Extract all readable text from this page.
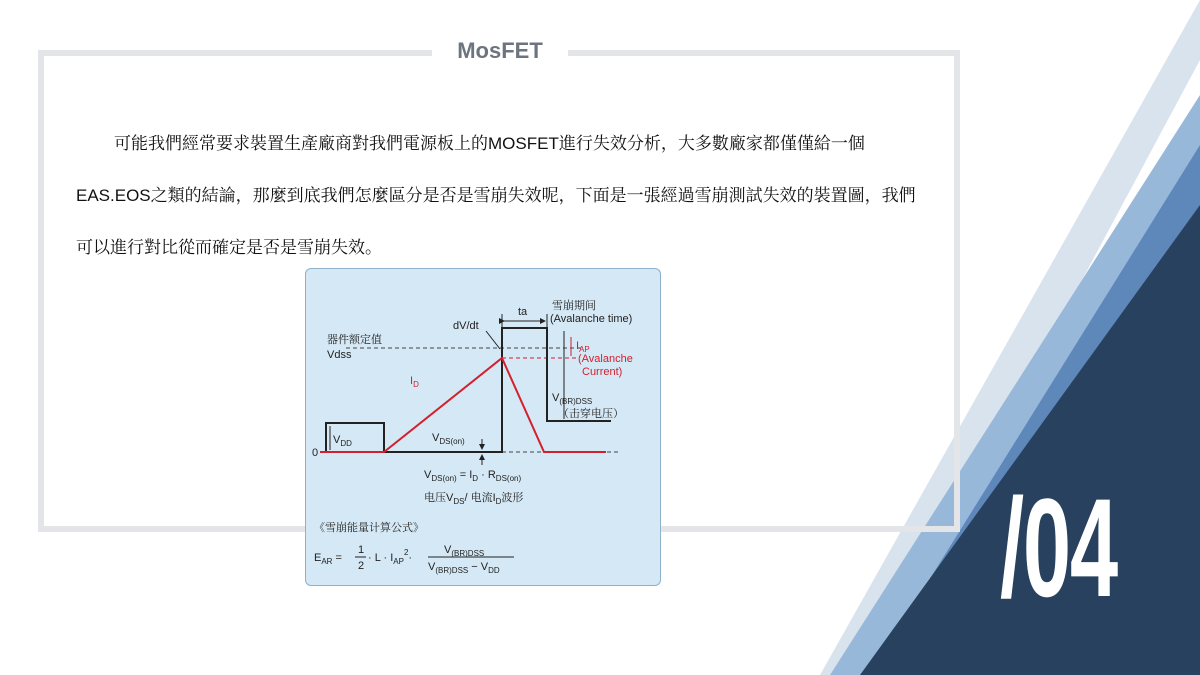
MosFET

可能我們經常要求裝置生產廠商對我們電源板上的MOSFET進行失效分析，大多數廠家都僅僅給一個EAS.EOS之類的結論，那麼到底我們怎麼區分是否是雪崩失效呢，下面是一張經過雪崩測試失效的裝置圖，我們可以進行對比從而確定是否是雪崩失效。

/04
ta
dV/dt
雪崩期间
(Avalanche time)
器件额定值
Vdss
$I_D$
$I_{AP}$
(Avalanche
Current)
$V_{(BR)DSS}$
（击穿电压）
$V_{DD}$
0
$V_{DS(on)}$
$V_{DS(on)} = I_D \cdot R_{DS(on)}$
电压$V_{DS}/$ 电流$I_D$波形
《雪崩能量计算公式》
$E_{AR}$ =
1
2
· $L \cdot I_{AP}^2\cdot$
$V_{(BR)DSS}$
$V_{(BR)DSS} - V_{DD}$
